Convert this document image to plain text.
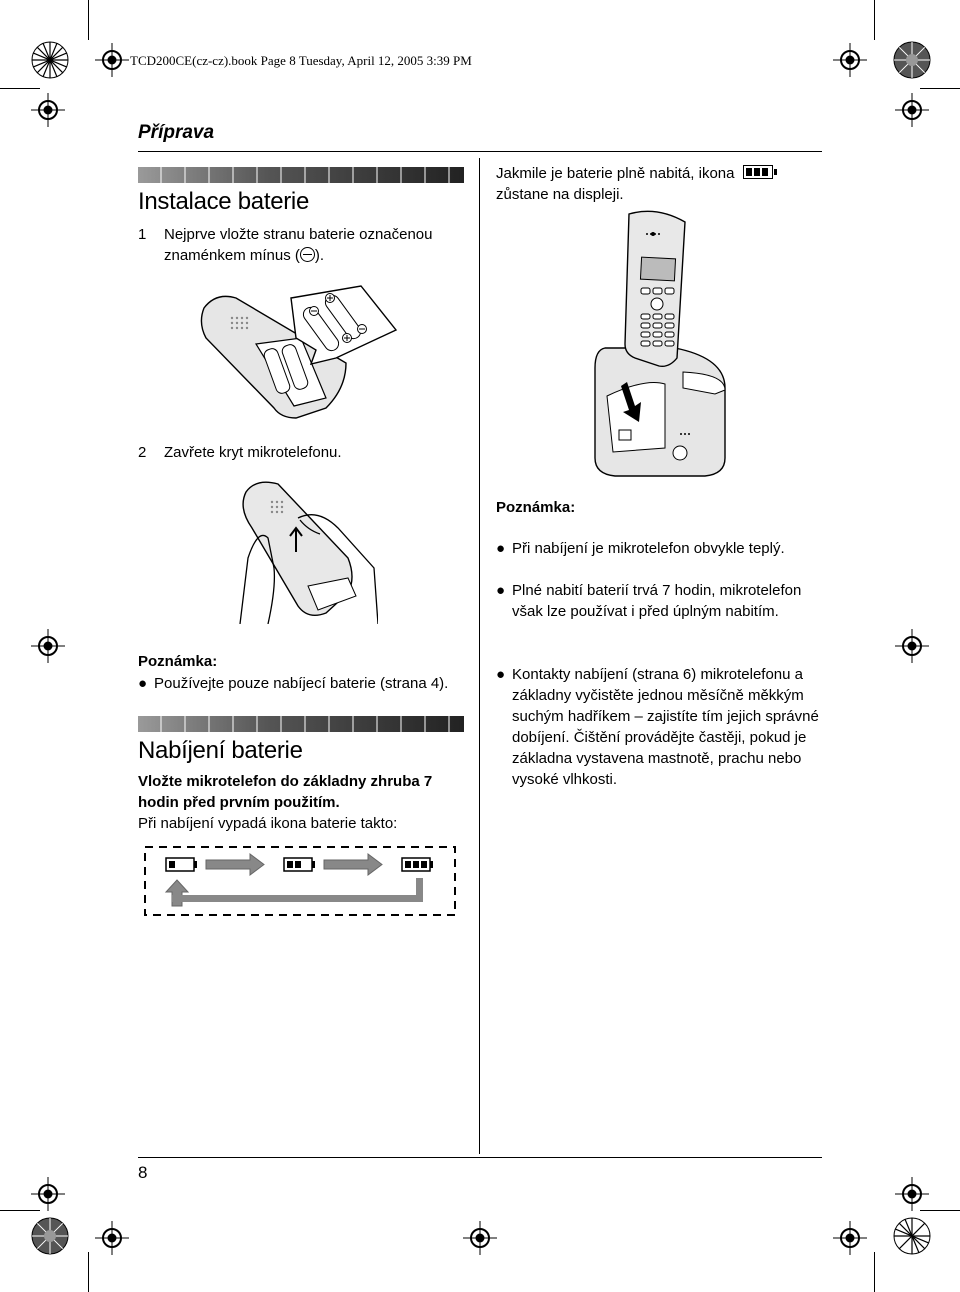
TCD200CE(cz-cz).book Page 8 Tuesday, April 12, 2005 3:39 PM
Příprava
Instalace baterie
1 Nejprve vložte stranu baterie označenou
znaménkem mínus ( ).
2 Zavřete kryt mikrotelefonu.
Poznámka:
● Používejte pouze nabíjecí baterie (strana 4).
Nabíjení baterie
Vložte mikrotelefon do základny zhruba 7
hodin před prvním použitím.
Při nabíjení vypadá ikona baterie takto:
Jakmile je baterie plně nabitá, ikona
zůstane na displeji.
Poznámka:
● Při nabíjení je mikrotelefon obvykle teplý.
● Plné nabití baterií trvá 7 hodin, mikrotelefon
však lze používat i před úplným nabitím.
● Kontakty nabíjení (strana 6) mikrotelefonu a
základny vyčistěte jednou měsíčně měkkým
suchým hadříkem – zajistíte tím jejich správné
dobíjení. Čištění provádějte častěji, pokud je
základna vystavena mastnotě, prachu nebo
vysoké vlhkosti.
8
